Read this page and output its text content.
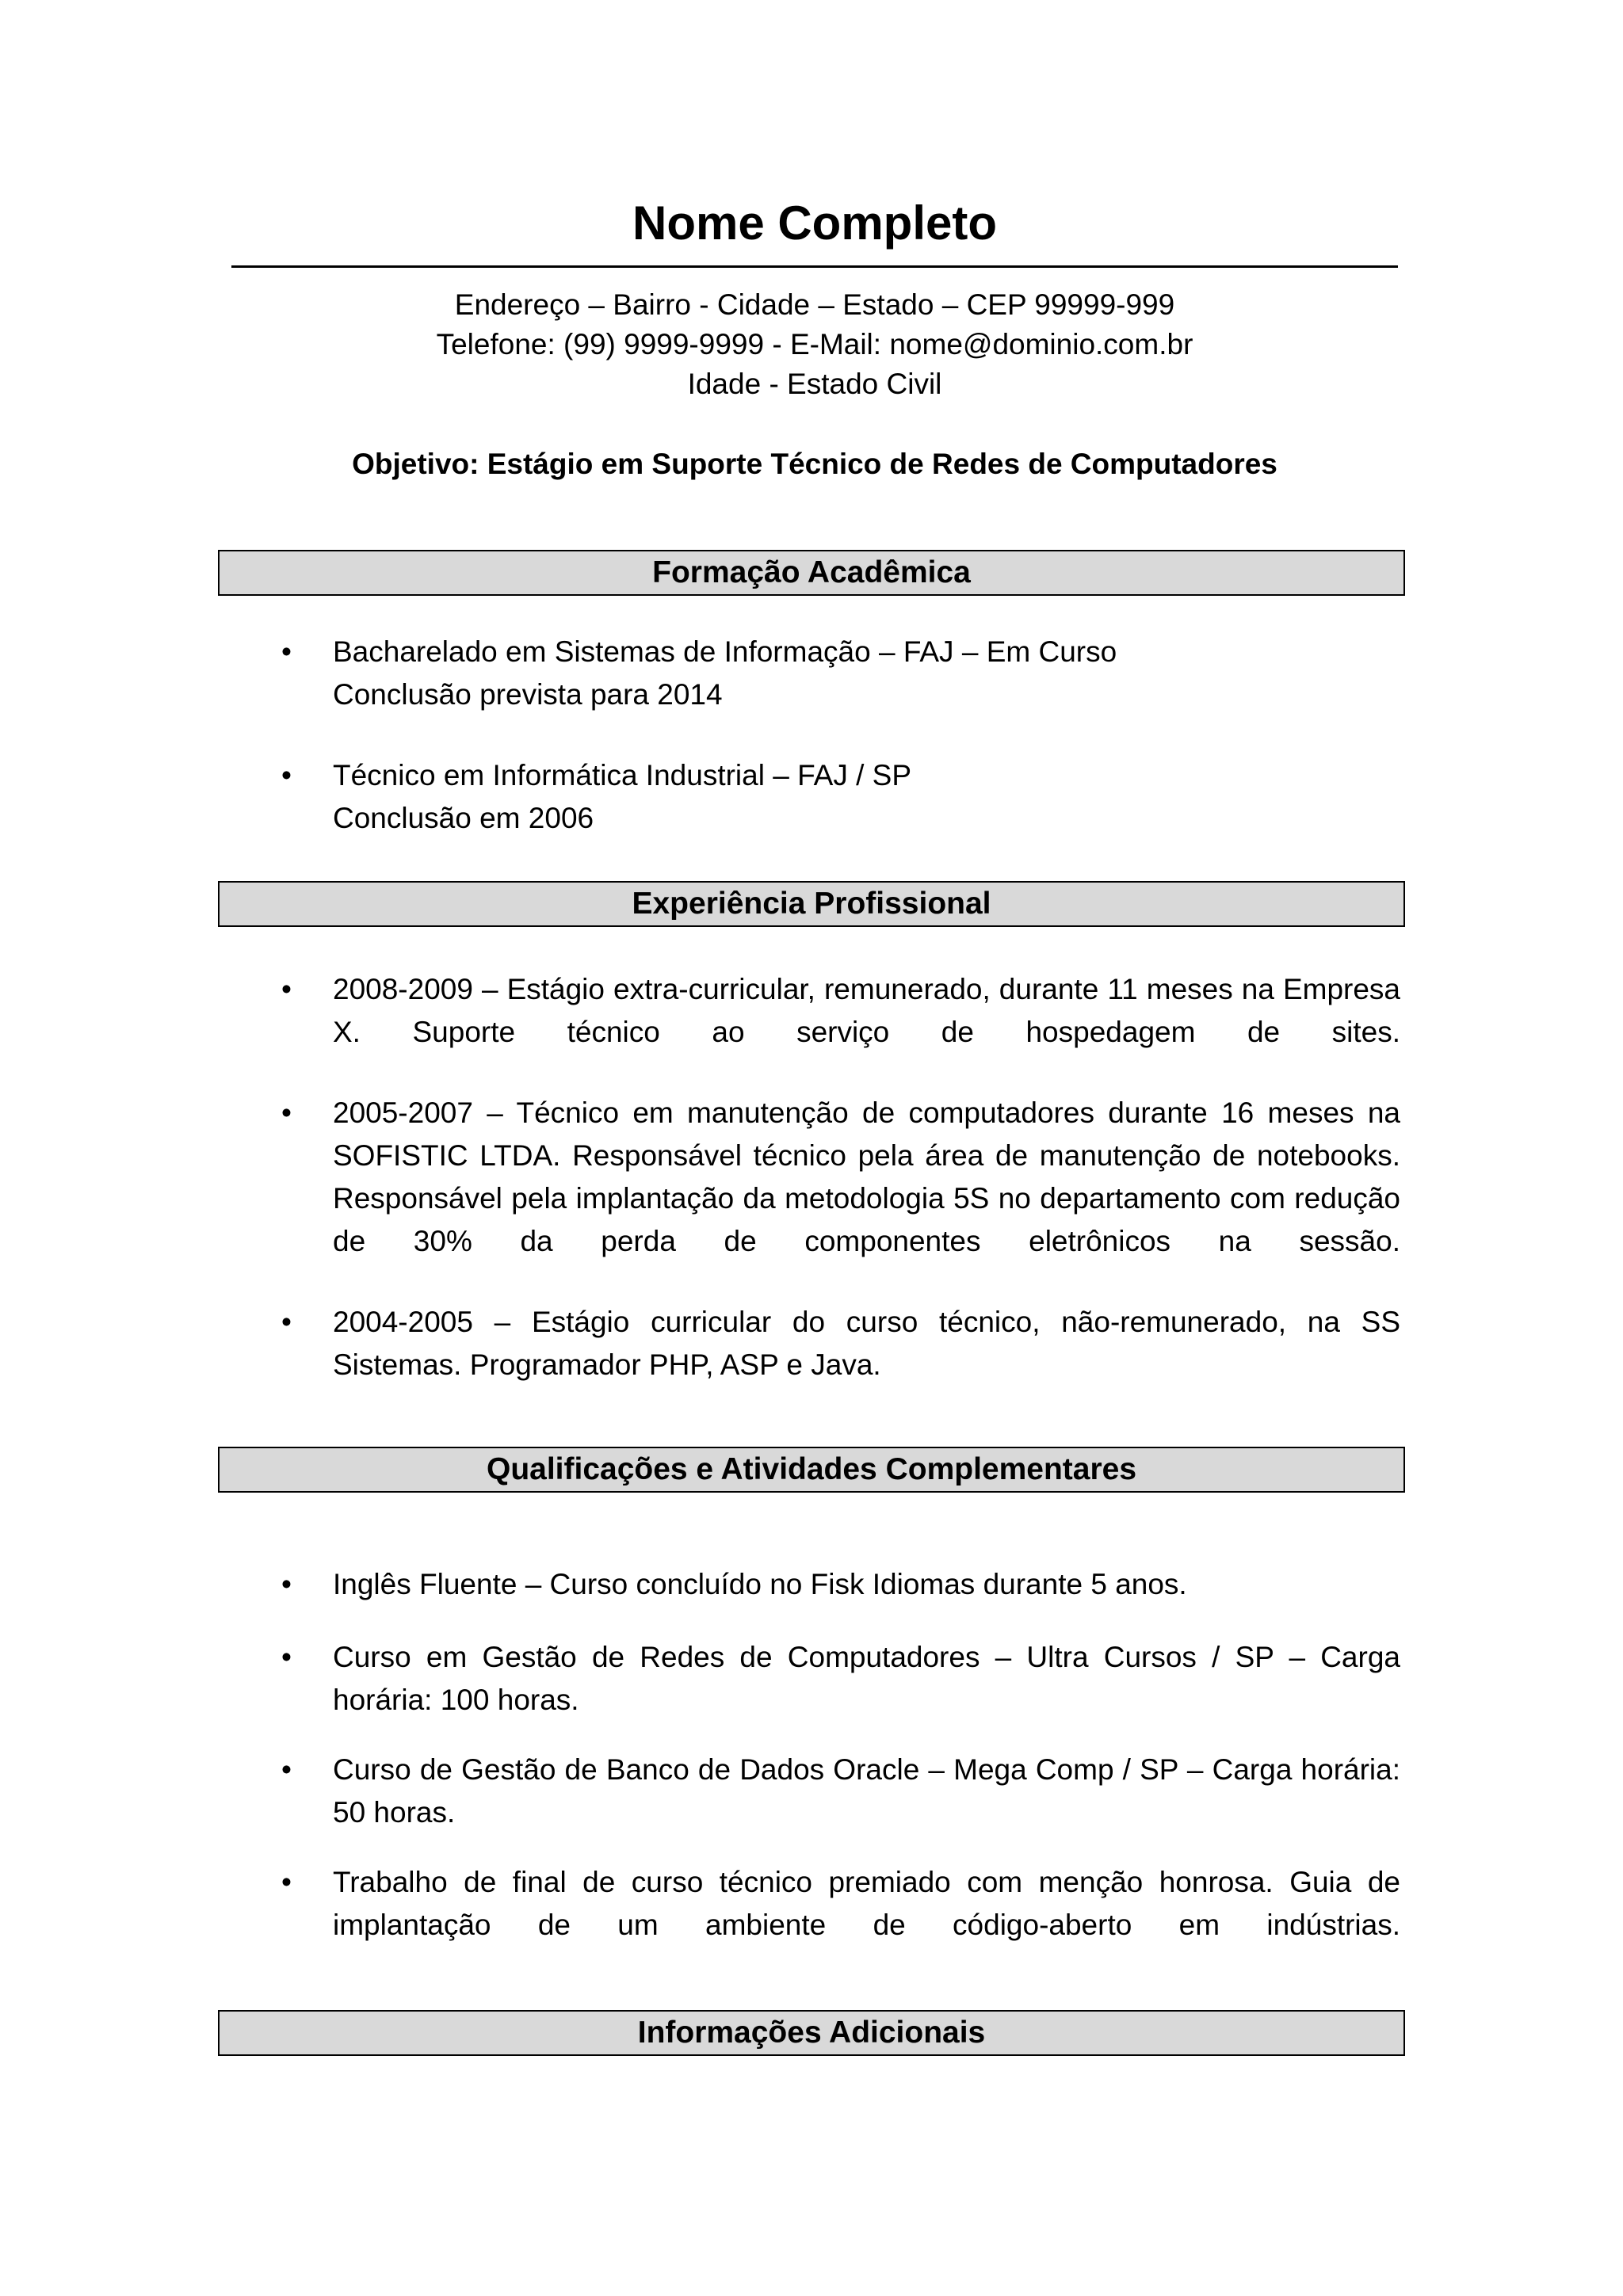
Nome Completo
Endereço – Bairro - Cidade – Estado – CEP 99999-999
Telefone: (99) 9999-9999 - E-Mail: nome@dominio.com.br
Idade - Estado Civil
Objetivo: Estágio em Suporte Técnico de Redes de Computadores
Formação Acadêmica
• Bacharelado em Sistemas de Informação – FAJ – Em Curso
Conclusão prevista para 2014
• Técnico em Informática Industrial – FAJ / SP
Conclusão em 2006
Experiência Profissional
• 2008-2009 – Estágio extra-curricular, remunerado, durante 11 meses na Empresa X. Suporte técnico ao serviço de hospedagem de sites.
• 2005-2007 – Técnico em manutenção de computadores durante 16 meses na SOFISTIC LTDA. Responsável técnico pela área de manutenção de notebooks. Responsável pela implantação da metodologia 5S no departamento com redução de 30% da perda de componentes eletrônicos na sessão.
• 2004-2005 – Estágio curricular do curso técnico, não-remunerado, na SS Sistemas. Programador PHP, ASP e Java.
Qualificações e Atividades Complementares
• Inglês Fluente – Curso concluído no Fisk Idiomas durante 5 anos.
• Curso em Gestão de Redes de Computadores – Ultra Cursos / SP – Carga horária: 100 horas.
• Curso de Gestão de Banco de Dados Oracle – Mega Comp / SP – Carga horária: 50 horas.
• Trabalho de final de curso técnico premiado com menção honrosa. Guia de implantação de um ambiente de código-aberto em indústrias.
Informações Adicionais
